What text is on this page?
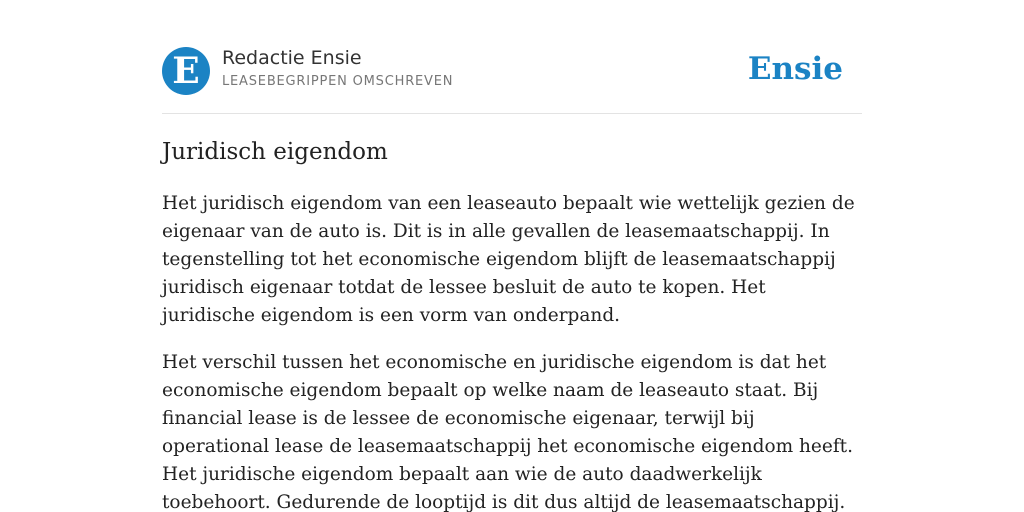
E	Redactie Ensie
LEASEBEGRIPPEN OMSCHREVEN	Ensie
Juridisch eigendom

Het juridisch eigendom van een leaseauto bepaalt wie wettelijk gezien de eigenaar van de auto is. Dit is in alle gevallen de leasemaatschappij. In tegenstelling tot het economische eigendom blijft de leasemaatschappij juridisch eigenaar totdat de lessee besluit de auto te kopen. Het juridische eigendom is een vorm van onderpand.

Het verschil tussen het economische en juridische eigendom is dat het economische eigendom bepaalt op welke naam de leaseauto staat. Bij financial lease is de lessee de economische eigenaar, terwijl bij operational lease de leasemaatschappij het economische eigendom heeft. Het juridische eigendom bepaalt aan wie de auto daadwerkelijk toebehoort. Gedurende de looptijd is dit dus altijd de leasemaatschappij.
